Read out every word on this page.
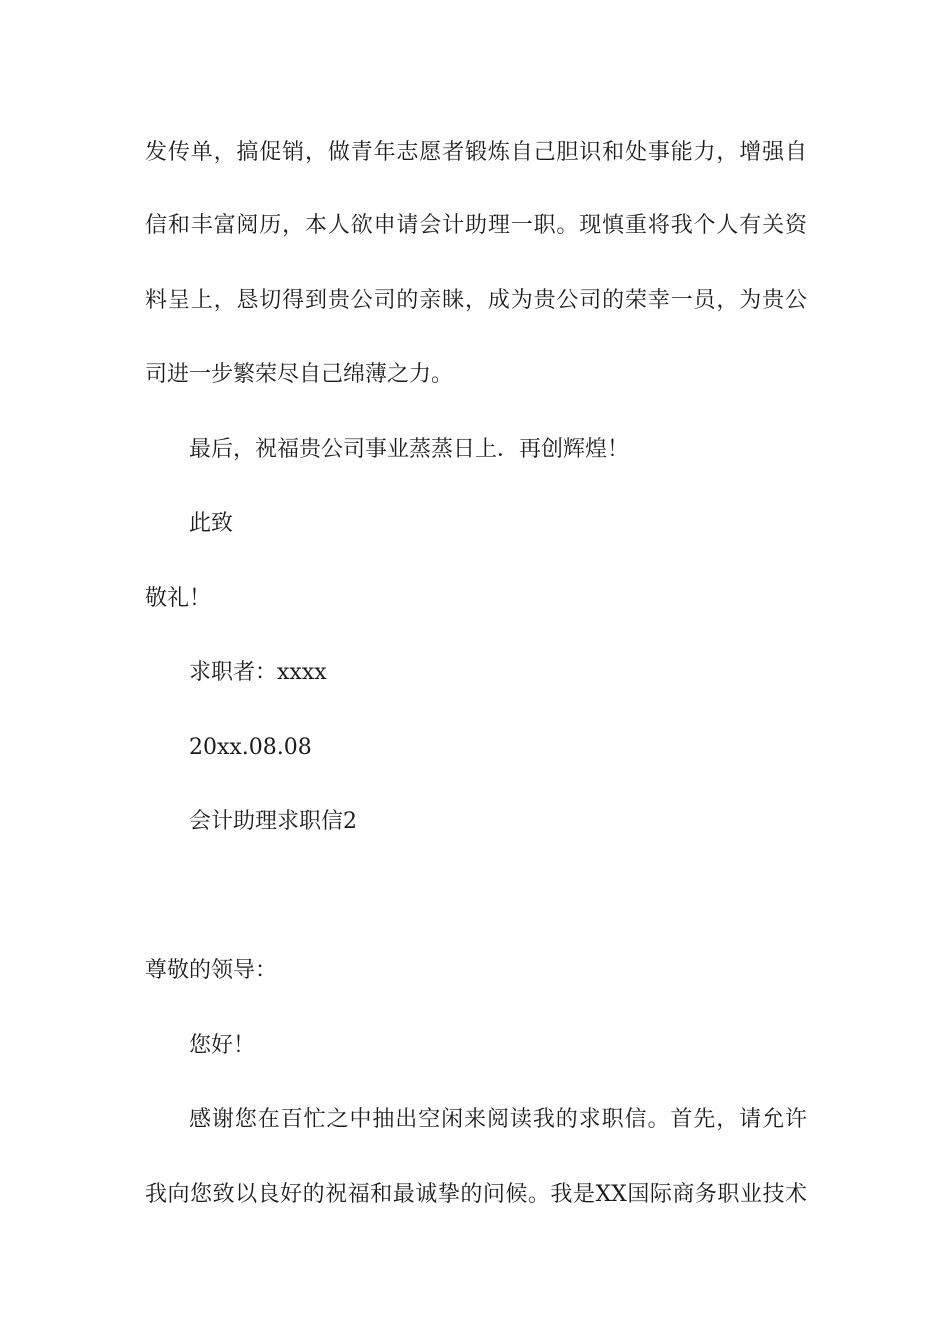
发传单，搞促销，做青年志愿者锻炼自己胆识和处事能力，增强自
信和丰富阅历，本人欲申请会计助理一职。现慎重将我个人有关资
料呈上，恳切得到贵公司的亲睐，成为贵公司的荣幸一员，为贵公
司进一步繁荣尽自己绵薄之力。
最后，祝福贵公司事业蒸蒸日上．再创辉煌！
此致
敬礼！
求职者：xxxx
20xx.08.08
会计助理求职信2
尊敬的领导：
您好！
感谢您在百忙之中抽出空闲来阅读我的求职信。首先，请允许
我向您致以良好的祝福和最诚挚的问候。我是XX国际商务职业技术
